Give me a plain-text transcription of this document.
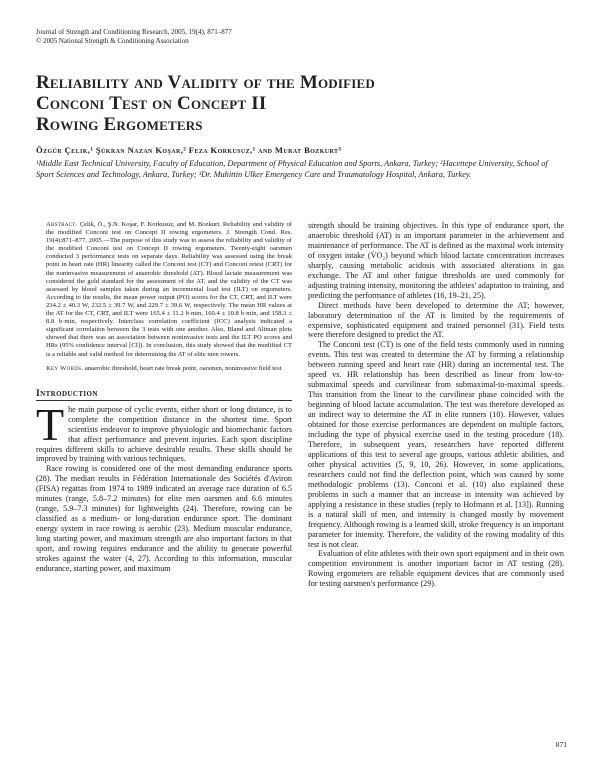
Journal of Strength and Conditioning Research, 2005, 19(4), 871–877
© 2005 National Strength & Conditioning Association
Reliability and Validity of the Modified
Conconi Test on Concept II
Rowing Ergometers
Özgür Çelik,¹ Şükran Nazan Koşar,² Feza Korkusuz,¹ and Murat Bozkurt³
¹Middle East Technical University, Faculty of Education, Department of Physical Education and Sports, Ankara, Turkey; ²Hacettepe University, School of Sport Sciences and Technology, Ankara, Turkey; ³Dr. Muhittin Ulker Emergency Care and Traumatology Hospital, Ankara, Turkey.
Abstract. Çelik, Ö., Ş.N. Koşar, F. Korkusuz, and M. Bozkurt. Reliability and validity of the modified Conconi test on Concept II rowing ergometers. J. Strength Cond. Res. 19(4):871–877. 2005.—The purpose of this study was to assess the reliability and validity of the modified Conconi test on Concept II rowing ergometers. Twenty-eight oarsmen conducted 3 performance tests on separate days. Reliability was assessed using the break point in heart rate (HR) linearity called the Conconi test (CT) and Conconi retest (CRT) for the noninvasive measurement of anaerobic threshold (AT). Blood lactate measurement was considered the gold standard for the assessment of the AT, and the validity of the CT was assessed by blood samples taken during an incremental load test (ILT) on ergometers. According to the results, the mean power output (PO) scores for the CT, CRT, and ILT were 234.2 ± 40.3 W, 232.5 ± 39.7 W, and 229.7 ± 39.6 W, respectively. The mean HR values at the AT for the CT, CRT, and ILT were 165.4 ± 11.2 b·min, 160.4 ± 10.8 b·min, and 158.3 ± 8.8 b·min, respectively. Interclass correlation coefficient (ICC) analysis indicated a significant correlation between the 3 tests with one another. Also, Bland and Altman plots showed that there was an association between noninvasive tests and the ILT PO scores and HRs (95% confidence interval [CI]). In conclusion, this study showed that the modified CT is a reliable and valid method for determining the AT of elite men rowers.
Key Words. anaerobic threshold, heart rate break point, oarsmen, noninvasive field test
Introduction

The main purpose of cyclic events, either short or long distance, is to complete the competition distance in the shortest time. Sport scientists endeavor to improve physiologic and biomechanic factors that affect performance and prevent injuries. Each sport discipline requires different skills to achieve desirable results. These skills should be improved by training with various techniques.

Race rowing is considered one of the most demanding endurance sports (28). The median results in Fédération Internationale des Sociétés d'Aviron (FISA) regattas from 1974 to 1989 indicated an average race duration of 6.5 minutes (range, 5.8–7.2 minutes) for elite men oarsmen and 6.6 minutes (range, 5.9–7.3 minutes) for lightweights (24). Therefore, rowing can be classified as a medium- or long-duration endurance sport. The dominant energy system in race rowing is aerobic (23). Medium muscular endurance, long starting power, and maximum strength are also important factors in that sport, and rowing requires endurance and the ability to generate powerful strokes against the water (4, 27). According to this information, muscular endurance, starting power, and maximum

strength should be training objectives. In this type of endurance sport, the anaerobic threshold (AT) is an important parameter in the achievement and maintenance of performance. The AT is defined as the maximal work intensity of oxygen intake (V̇O₂) beyond which blood lactate concentration increases sharply, causing metabolic acidosis with associated alterations in gas exchange. The AT and other fatigue thresholds are used commonly for adjusting training intensity, monitoring the athletes' adaptation to training, and predicting the performance of athletes (16, 19–21, 25).

Direct methods have been developed to determine the AT; however, laboratory determination of the AT is limited by the requirements of expensive, sophisticated equipment and trained personnel (31). Field tests were therefore designed to predict the AT.

The Conconi test (CT) is one of the field tests commonly used in running events. This test was created to determine the AT by forming a relationship between running speed and heart rate (HR) during an incremental test. The speed vs. HR relationship has been described as linear from low-to-submaximal speeds and curvilinear from submaximal-to-maximal speeds. This transition from the linear to the curvilinear phase coincided with the beginning of blood lactate accumulation. The test was therefore developed as an indirect way to determine the AT in elite runners (10). However, values obtained for those exercise performances are dependent on multiple factors, including the type of physical exercise used in the testing procedure (18). Therefore, in subsequent years, researchers have reported different applications of this test to several age groups, various athletic abilities, and other physical activities (5, 9, 10, 26). However, in some applications, researchers could not find the deflection point, which was caused by some methodologic problems (13). Conconi et al. (10) also explained these problems in such a manner that an increase in intensity was achieved by applying a resistance in these studies (reply to Hofmann et al. [13]). Running is a natural skill of men, and intensity is changed mostly by movement frequency. Although rowing is a learned skill, stroke frequency is an important parameter for intensity. Therefore, the validity of the rowing modality of this test is not clear.

Evaluation of elite athletes with their own sport equipment and in their own competition environment is another important factor in AT testing (28). Rowing ergometers are reliable equipment devices that are commonly used for testing oarsmen's performance (29).

871
